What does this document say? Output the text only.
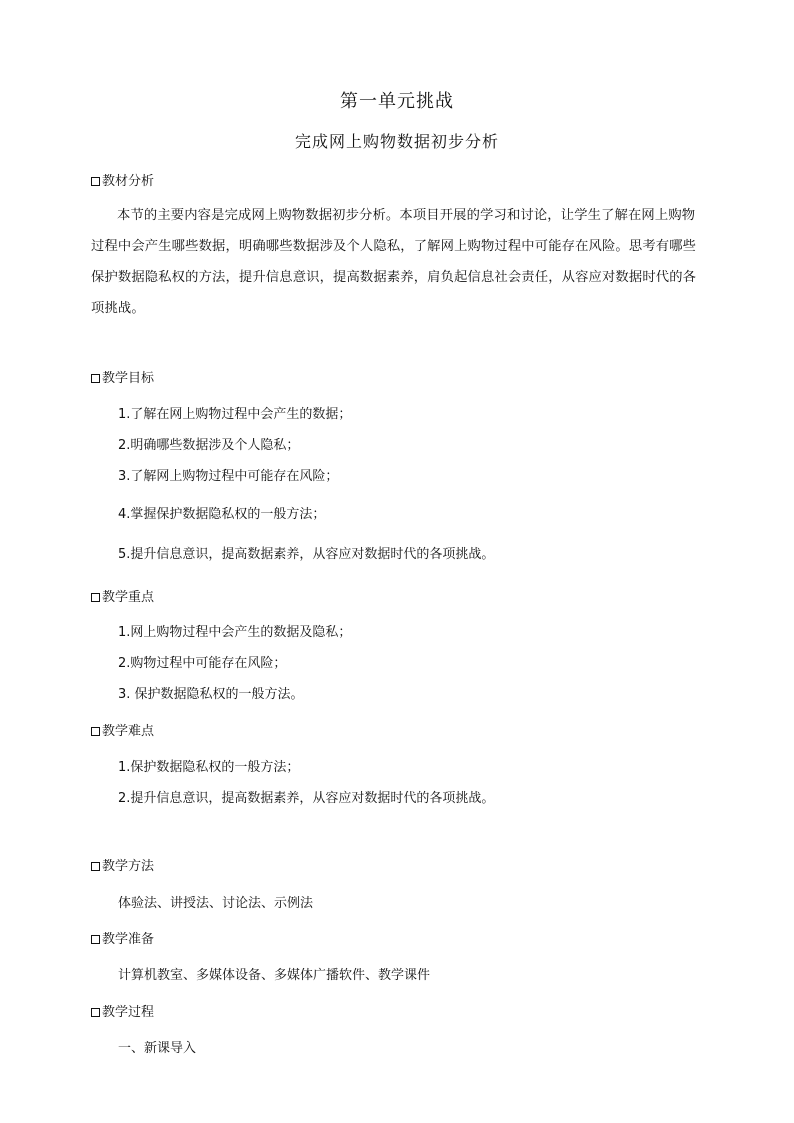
第一单元挑战
完成网上购物数据初步分析
教材分析
本节的主要内容是完成网上购物数据初步分析。本项目开展的学习和讨论，让学生了解在网上购物过程中会产生哪些数据，明确哪些数据涉及个人隐私，了解网上购物过程中可能存在风险。思考有哪些保护数据隐私权的方法，提升信息意识，提高数据素养，肩负起信息社会责任，从容应对数据时代的各项挑战。
教学目标
1.了解在网上购物过程中会产生的数据；
2.明确哪些数据涉及个人隐私；
3.了解网上购物过程中可能存在风险；
4.掌握保护数据隐私权的一般方法；
5.提升信息意识，提高数据素养，从容应对数据时代的各项挑战。
教学重点
1.网上购物过程中会产生的数据及隐私；
2.购物过程中可能存在风险；
3. 保护数据隐私权的一般方法。
教学难点
1.保护数据隐私权的一般方法；
2.提升信息意识，提高数据素养，从容应对数据时代的各项挑战。
教学方法
体验法、讲授法、讨论法、示例法
教学准备
计算机教室、多媒体设备、多媒体广播软件、教学课件
教学过程
一、新课导入
